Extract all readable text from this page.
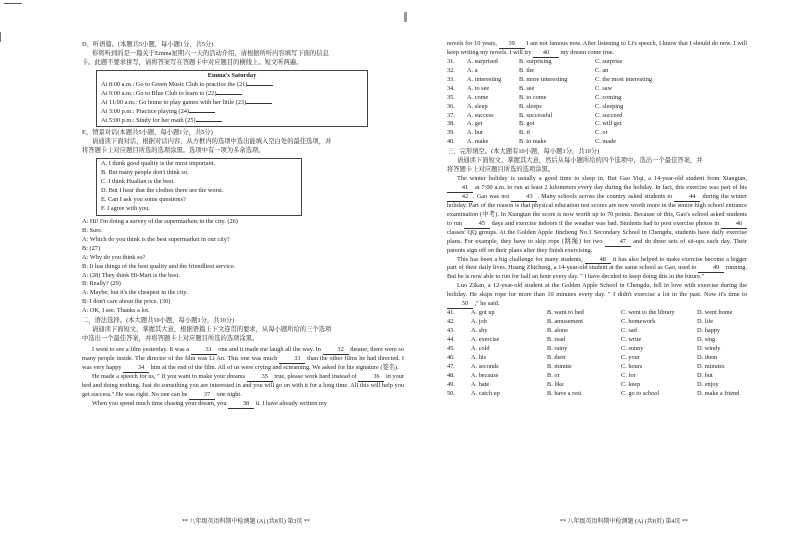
D、听语篇。(本题共5小题，每小题1分，共5分)

你将听到的是一篇关于Emma星期六一天的活动介绍，请根据所听内容填写下面的信息

卡。此题不要求拼写，请将答案写在答题卡中对应题目的横线上。短文听两遍。

Emma's Saturday

At 8:00 a.m.: Go to Green Music Club to practice the (21)

At 9:00 a.m.: Go to Blue Club to learn to (22)

At 11:00 a.m.: Go home to play games with her little (23)

At 3:00 p.m.: Practice playing (24)

At 5:00 p.m.: Study for her math (25)

E、情景对话(本题共5小题，每小题1分，共5分)

请通读下面对话，根据对话内容，从方框内的选项中选出能填入空白处的最佳选项，并

将答题卡上对应题目所选的选项涂黑。选项中有一项为多余选项。

A. I think good quality is the most important.

B. But many people don't think so.

C. I think Hualian is the best.

D. But I hear that the clothes there are the worst.

E. Can I ask you some questions?

F. I agree with you.

A: Hi! I'm doing a survey of the supermarkets in the city. (26)

B: Sure.

A: Which do you think is the best supermarket in our city?

B: (27)

A: Why do you think so?

B: It has things of the best quality and the friendliest service.

A: (28) They think Hi-Mart is the best.

B: Really? (29)

A: Maybe, but it's the cheapest in the city.

B: I don't care about the price. (30)

A: OK, I see. Thanks a lot.

二、语法选择。(本大题共10小题，每小题1分，共10分)

请通读下面短文，掌握其大意，根据语篇上下文连贯的要求，从每小题所给的三个选项

中选出一个最佳答案，并将答题卡上对应题目所选的选项涂黑。

I went to see a film yesterday. It was a 31 one and it made me laugh all the way. In 32 theater, there were so many people inside. The director of the film was Li An. This one was much 33 than the other films he had directed. I was very happy 34 him at the end of the film. All of us were crying and screaming. We asked for his signature (签名).

He made a speech for us, " If you want to make your dreams 35 true, please work hard instead of 36 in your bed and doing nothing. Just do something you are interested in and you will go on with it for a long time. All this will help you get success." He was right. No one can be 37 one night.

When you spend much time chasing your dream, you 38 it. I have already written my

novels for 10 years, 39 I am not famous now. After listening to Li's speech, I know that I should do now. I will keep writing my novels. I will try 40 my dream come true.

31.	A. surprised	B. surprising	C. surprise
32.	A. a	B. the	C. an
33.	A. interesting	B. more interesting	C. the most interesting
34.	A. to see	B. see	C. saw
35.	A. come	B. to come	C. coming
36.	A. sleep	B. sleeps	C. sleeping
37.	A. success	B. successful	C. succeed
38.	A. get	B. got	C. will get
39.	A. but	B. if	C. or
40.	A. make	B. to make	C. made

三、完形填空。(本大题有10小题，每小题1分，共10分)

请通读下面短文，掌握其大意，然后从每小题所给的四个选项中，选出一个最佳答案，并

将答题卡上对应题目所选的选项涂黑。

The winter holiday is usually a good time to sleep in. But Gao Yiqi, a 14-year-old student from Xiangtan, 41 at 7:00 a.m. to run at least 2 kilometers every day during the holiday. In fact, this exercise was part of his 42 . Gao was not 43 . Many schools across the country asked students to 44 during the winter holiday. Part of the reason is that physical education test scores are now worth more in the senior high school entrance examination (中考). In Xiangtan the score is now worth up to 70 points. Because of this, Gao's school asked students to run 45 days and exercise indoors if the weather was bad. Students had to post exercise photos in 46 classes' QQ groups. At the Golden Apple Jincheng No.1 Secondary School in Chengdu, students have daily exercise plans. For example, they have to skip rope (跳绳) for two 47 and do three sets of sit-ups each day. Their parents sign off on their plans after they finish exercising.

This has been a big challenge for many students, 48 it has also helped to make exercise become a bigger part of their daily lives. Huang Zhicheng, a 14-year-old student at the same school as Gao, used to 49 running. But he is now able to run for half an hour every day. " I have decided to keep doing this in the future."

Luo Zikan, a 12-year-old student at the Golden Apple School in Chengdu, fell in love with exercise during the holiday. He skips rope for more than 10 minutes every day. " I didn't exercise a lot in the past. Now it's time to 50 ," he said.

41.	A. got up	B. want to bed	C. went to the library	D. went home
42.	A. job	B. amusement	C. homework	D. life
43.	A. shy	B. alone	C. sad	D. happy
44.	A. exercise	B. read	C. write	D. sing
45.	A. cold	B. rainy	C. sunny	D. windy
46.	A. his	B. their	C. your	D. them
47.	A. seconds	B. minute	C. hours	D. minutes
48.	A. because	B. or	C. for	D. but
49.	A. hate	B. like	C. keep	D. enjoy
50.	A. catch up	B. have a rest	C. go to school	D. make a friend
** 八年级英语科期中检测题 (A) (共8页) 第3页 **	** 八年级英语科期中检测题 (A) (共8页) 第4页 **
